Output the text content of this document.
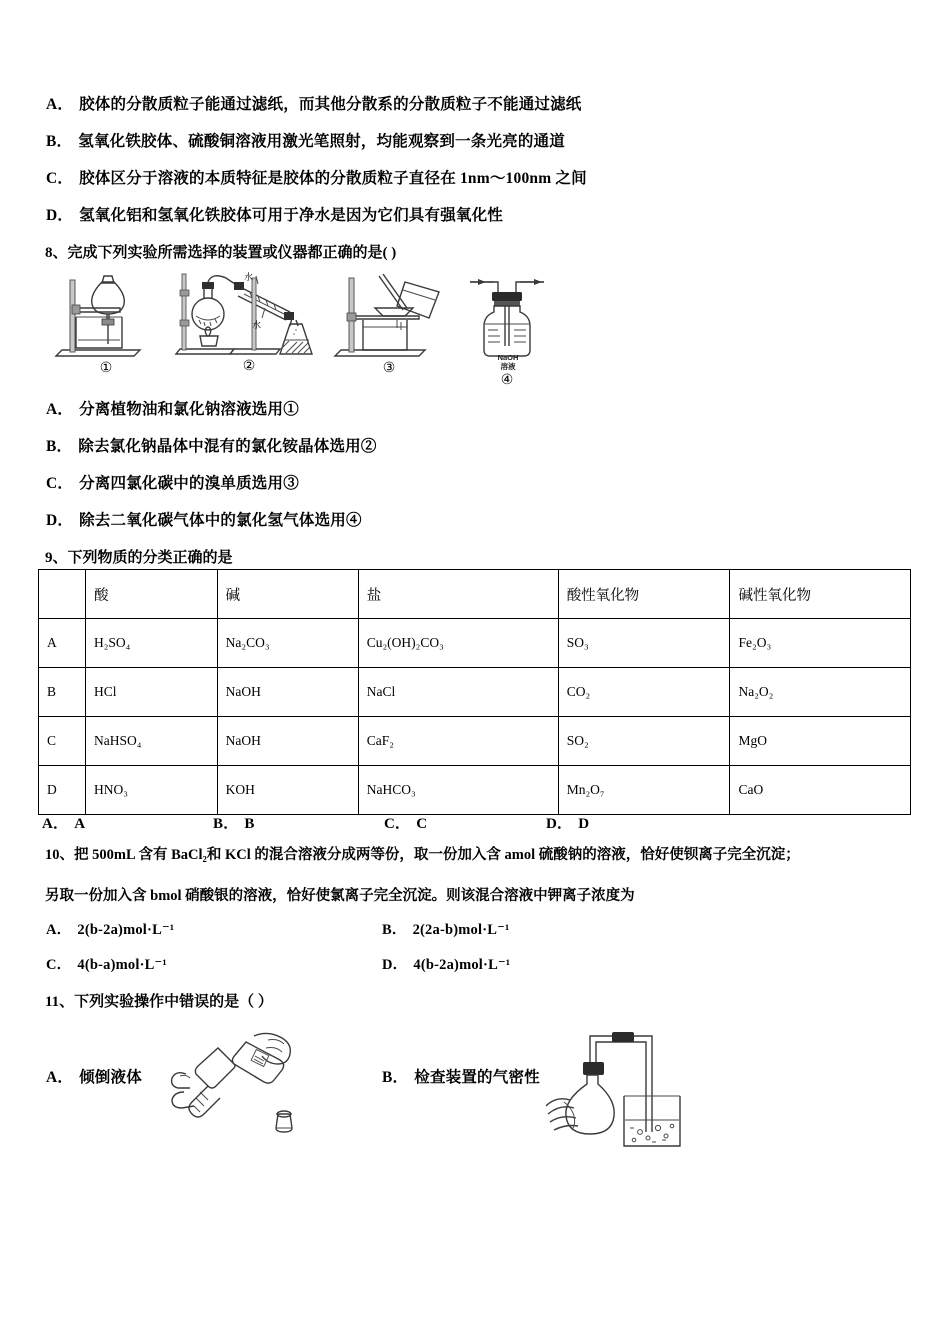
A． 胶体的分散质粒子能通过滤纸，而其他分散系的分散质粒子不能通过滤纸
B． 氢氧化铁胶体、硫酸铜溶液用激光笔照射，均能观察到一条光亮的通道
C． 胶体区分于溶液的本质特征是胶体的分散质粒子直径在 1nm～100nm 之间
D． 氢氧化铝和氢氧化铁胶体可用于净水是因为它们具有强氧化性
8、完成下列实验所需选择的装置或仪器都正确的是( )
①
水
水
②	③
NaOH
溶液
④
A． 分离植物油和氯化钠溶液选用①
B． 除去氯化钠晶体中混有的氯化铵晶体选用②
C． 分离四氯化碳中的溴单质选用③
D． 除去二氧化碳气体中的氯化氢气体选用④
9、下列物质的分类正确的是
	酸	碱	盐	酸性氧化物	碱性氧化物
A	H₂SO₄	Na₂CO₃	Cu₂(OH)₂CO₃	SO₃	Fe₂O₃
B	HCl	NaOH	NaCl	CO₂	Na₂O₂
C	NaHSO₄	NaOH	CaF₂	SO₂	MgO
D	HNO₃	KOH	NaHCO₃	Mn₂O₇	CaO
A． A	B． B	C． C	D． D
10、把 500mL 含有 BaCl₂和 KCl 的混合溶液分成两等份，取一份加入含 amol 硫酸钠的溶液，恰好使钡离子完全沉淀；
另取一份加入含 bmol 硝酸银的溶液，恰好使氯离子完全沉淀。则该混合溶液中钾离子浓度为
A． 2(b-2a)mol·L⁻¹	B． 2(2a-b)mol·L⁻¹
C． 4(b-a)mol·L⁻¹	D． 4(b-2a)mol·L⁻¹
11、下列实验操作中错误的是（ ）
A． 倾倒液体	B． 检查装置的气密性
